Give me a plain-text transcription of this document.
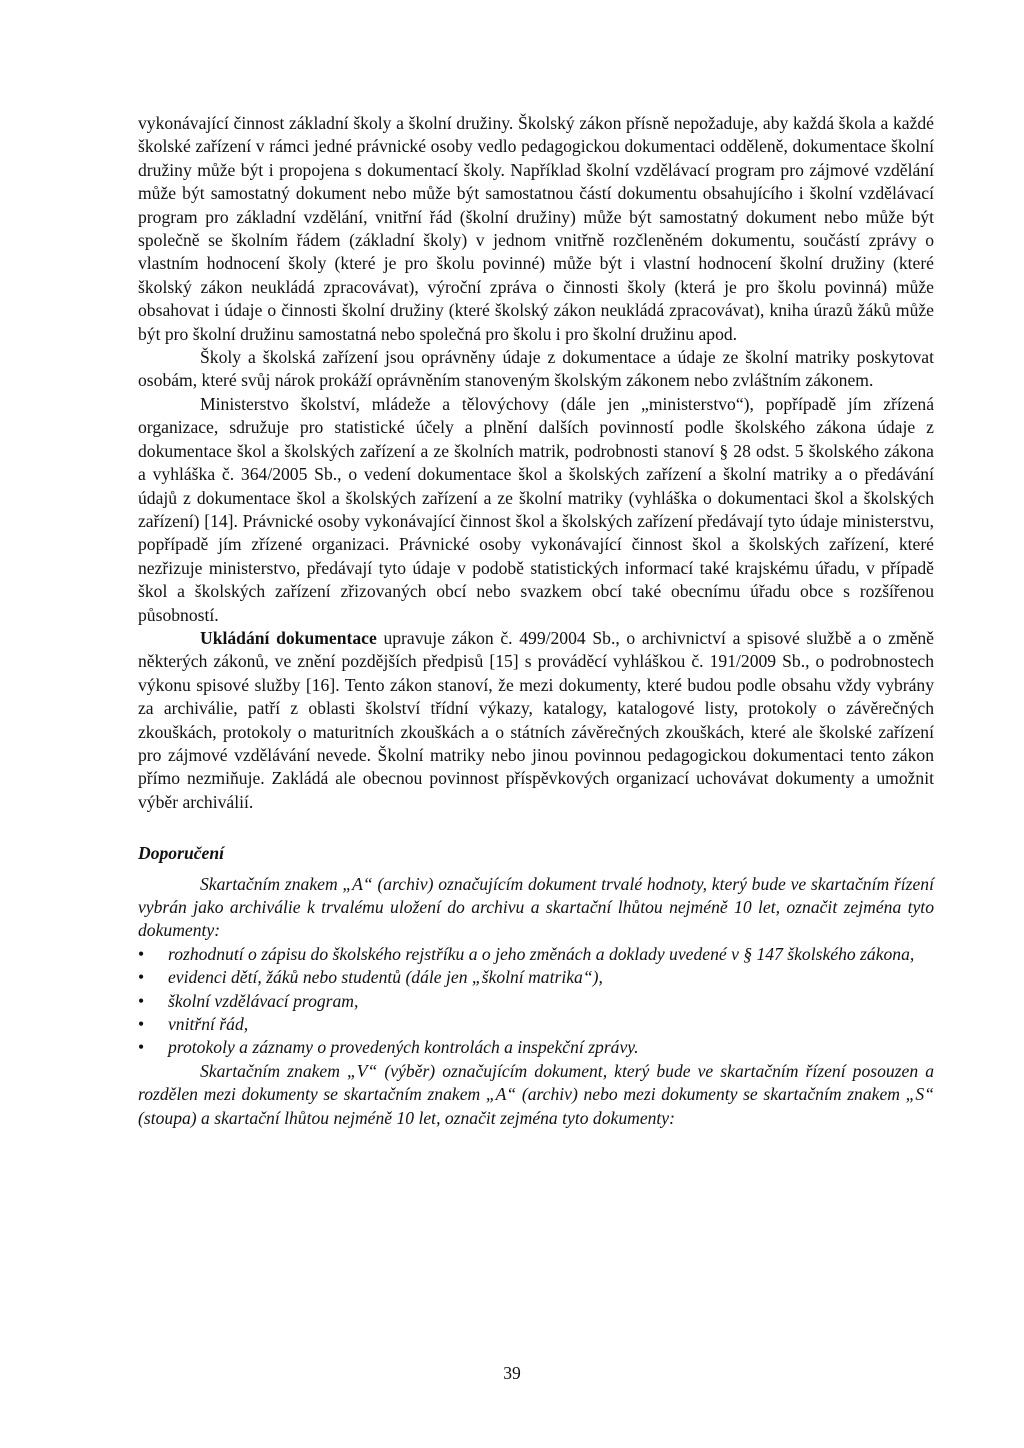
vykonávající činnost základní školy a školní družiny. Školský zákon přísně nepožaduje, aby každá škola a každé školské zařízení v rámci jedné právnické osoby vedlo pedagogickou dokumentaci odděleně, dokumentace školní družiny může být i propojena s dokumentací školy. Například školní vzdělávací program pro zájmové vzdělání může být samostatný dokument nebo může být samostatnou částí dokumentu obsahujícího i školní vzdělávací program pro základní vzdělání, vnitřní řád (školní družiny) může být samostatný dokument nebo může být společně se školním řádem (základní školy) v jednom vnitřně rozčleněném dokumentu, součástí zprávy o vlastním hodnocení školy (které je pro školu povinné) může být i vlastní hodnocení školní družiny (které školský zákon neukládá zpracovávat), výroční zpráva o činnosti školy (která je pro školu povinná) může obsahovat i údaje o činnosti školní družiny (které školský zákon neukládá zpracovávat), kniha úrazů žáků může být pro školní družinu samostatná nebo společná pro školu i pro školní družinu apod.

Školy a školská zařízení jsou oprávněny údaje z dokumentace a údaje ze školní matriky poskytovat osobám, které svůj nárok prokáží oprávněním stanoveným školským zákonem nebo zvláštním zákonem.

Ministerstvo školství, mládeže a tělovýchovy (dále jen „ministerstvo“), popřípadě jím zřízená organizace, sdružuje pro statistické účely a plnění dalších povinností podle školského zákona údaje z dokumentace škol a školských zařízení a ze školních matrik, podrobnosti stanoví § 28 odst. 5 školského zákona a vyhláška č. 364/2005 Sb., o vedení dokumentace škol a školských zařízení a školní matriky a o předávání údajů z dokumentace škol a školských zařízení a ze školní matriky (vyhláška o dokumentaci škol a školských zařízení) [14]. Právnické osoby vykonávající činnost škol a školských zařízení předávají tyto údaje ministerstvu, popřípadě jím zřízené organizaci. Právnické osoby vykonávající činnost škol a školských zařízení, které nezřizuje ministerstvo, předávají tyto údaje v podobě statistických informací také krajskému úřadu, v případě škol a školských zařízení zřizovaných obcí nebo svazkem obcí také obecnímu úřadu obce s rozšířenou působností.

Ukládání dokumentace upravuje zákon č. 499/2004 Sb., o archivnictví a spisové službě a o změně některých zákonů, ve znění pozdějších předpisů [15] s prováděcí vyhláškou č. 191/2009 Sb., o podrobnostech výkonu spisové služby [16]. Tento zákon stanoví, že mezi dokumenty, které budou podle obsahu vždy vybrány za archiválie, patří z oblasti školství třídní výkazy, katalogy, katalogové listy, protokoly o závěrečných zkouškách, protokoly o maturitních zkouškách a o státních závěrečných zkouškách, které ale školské zařízení pro zájmové vzdělávání nevede. Školní matriky nebo jinou povinnou pedagogickou dokumentaci tento zákon přímo nezmiňuje. Zakládá ale obecnou povinnost příspěvkových organizací uchovávat dokumenty a umožnit výběr archiválií.

Doporučení

Skartačním znakem „A“ (archiv) označujícím dokument trvalé hodnoty, který bude ve skartačním řízení vybrán jako archiválie k trvalému uložení do archivu a skartační lhůtou nejméně 10 let, označit zejména tyto dokumenty:

• rozhodnutí o zápisu do školského rejstříku a o jeho změnách a doklady uvedené v § 147 školského zákona,
• evidenci dětí, žáků nebo studentů (dále jen „školní matrika“),
• školní vzdělávací program,
• vnitřní řád,
• protokoly a záznamy o provedených kontrolách a inspekční zprávy.

Skartačním znakem „V“ (výběr) označujícím dokument, který bude ve skartačním řízení posouzen a rozdělen mezi dokumenty se skartačním znakem „A“ (archiv) nebo mezi dokumenty se skartačním znakem „S“ (stoupa) a skartační lhůtou nejméně 10 let, označit zejména tyto dokumenty:

39
